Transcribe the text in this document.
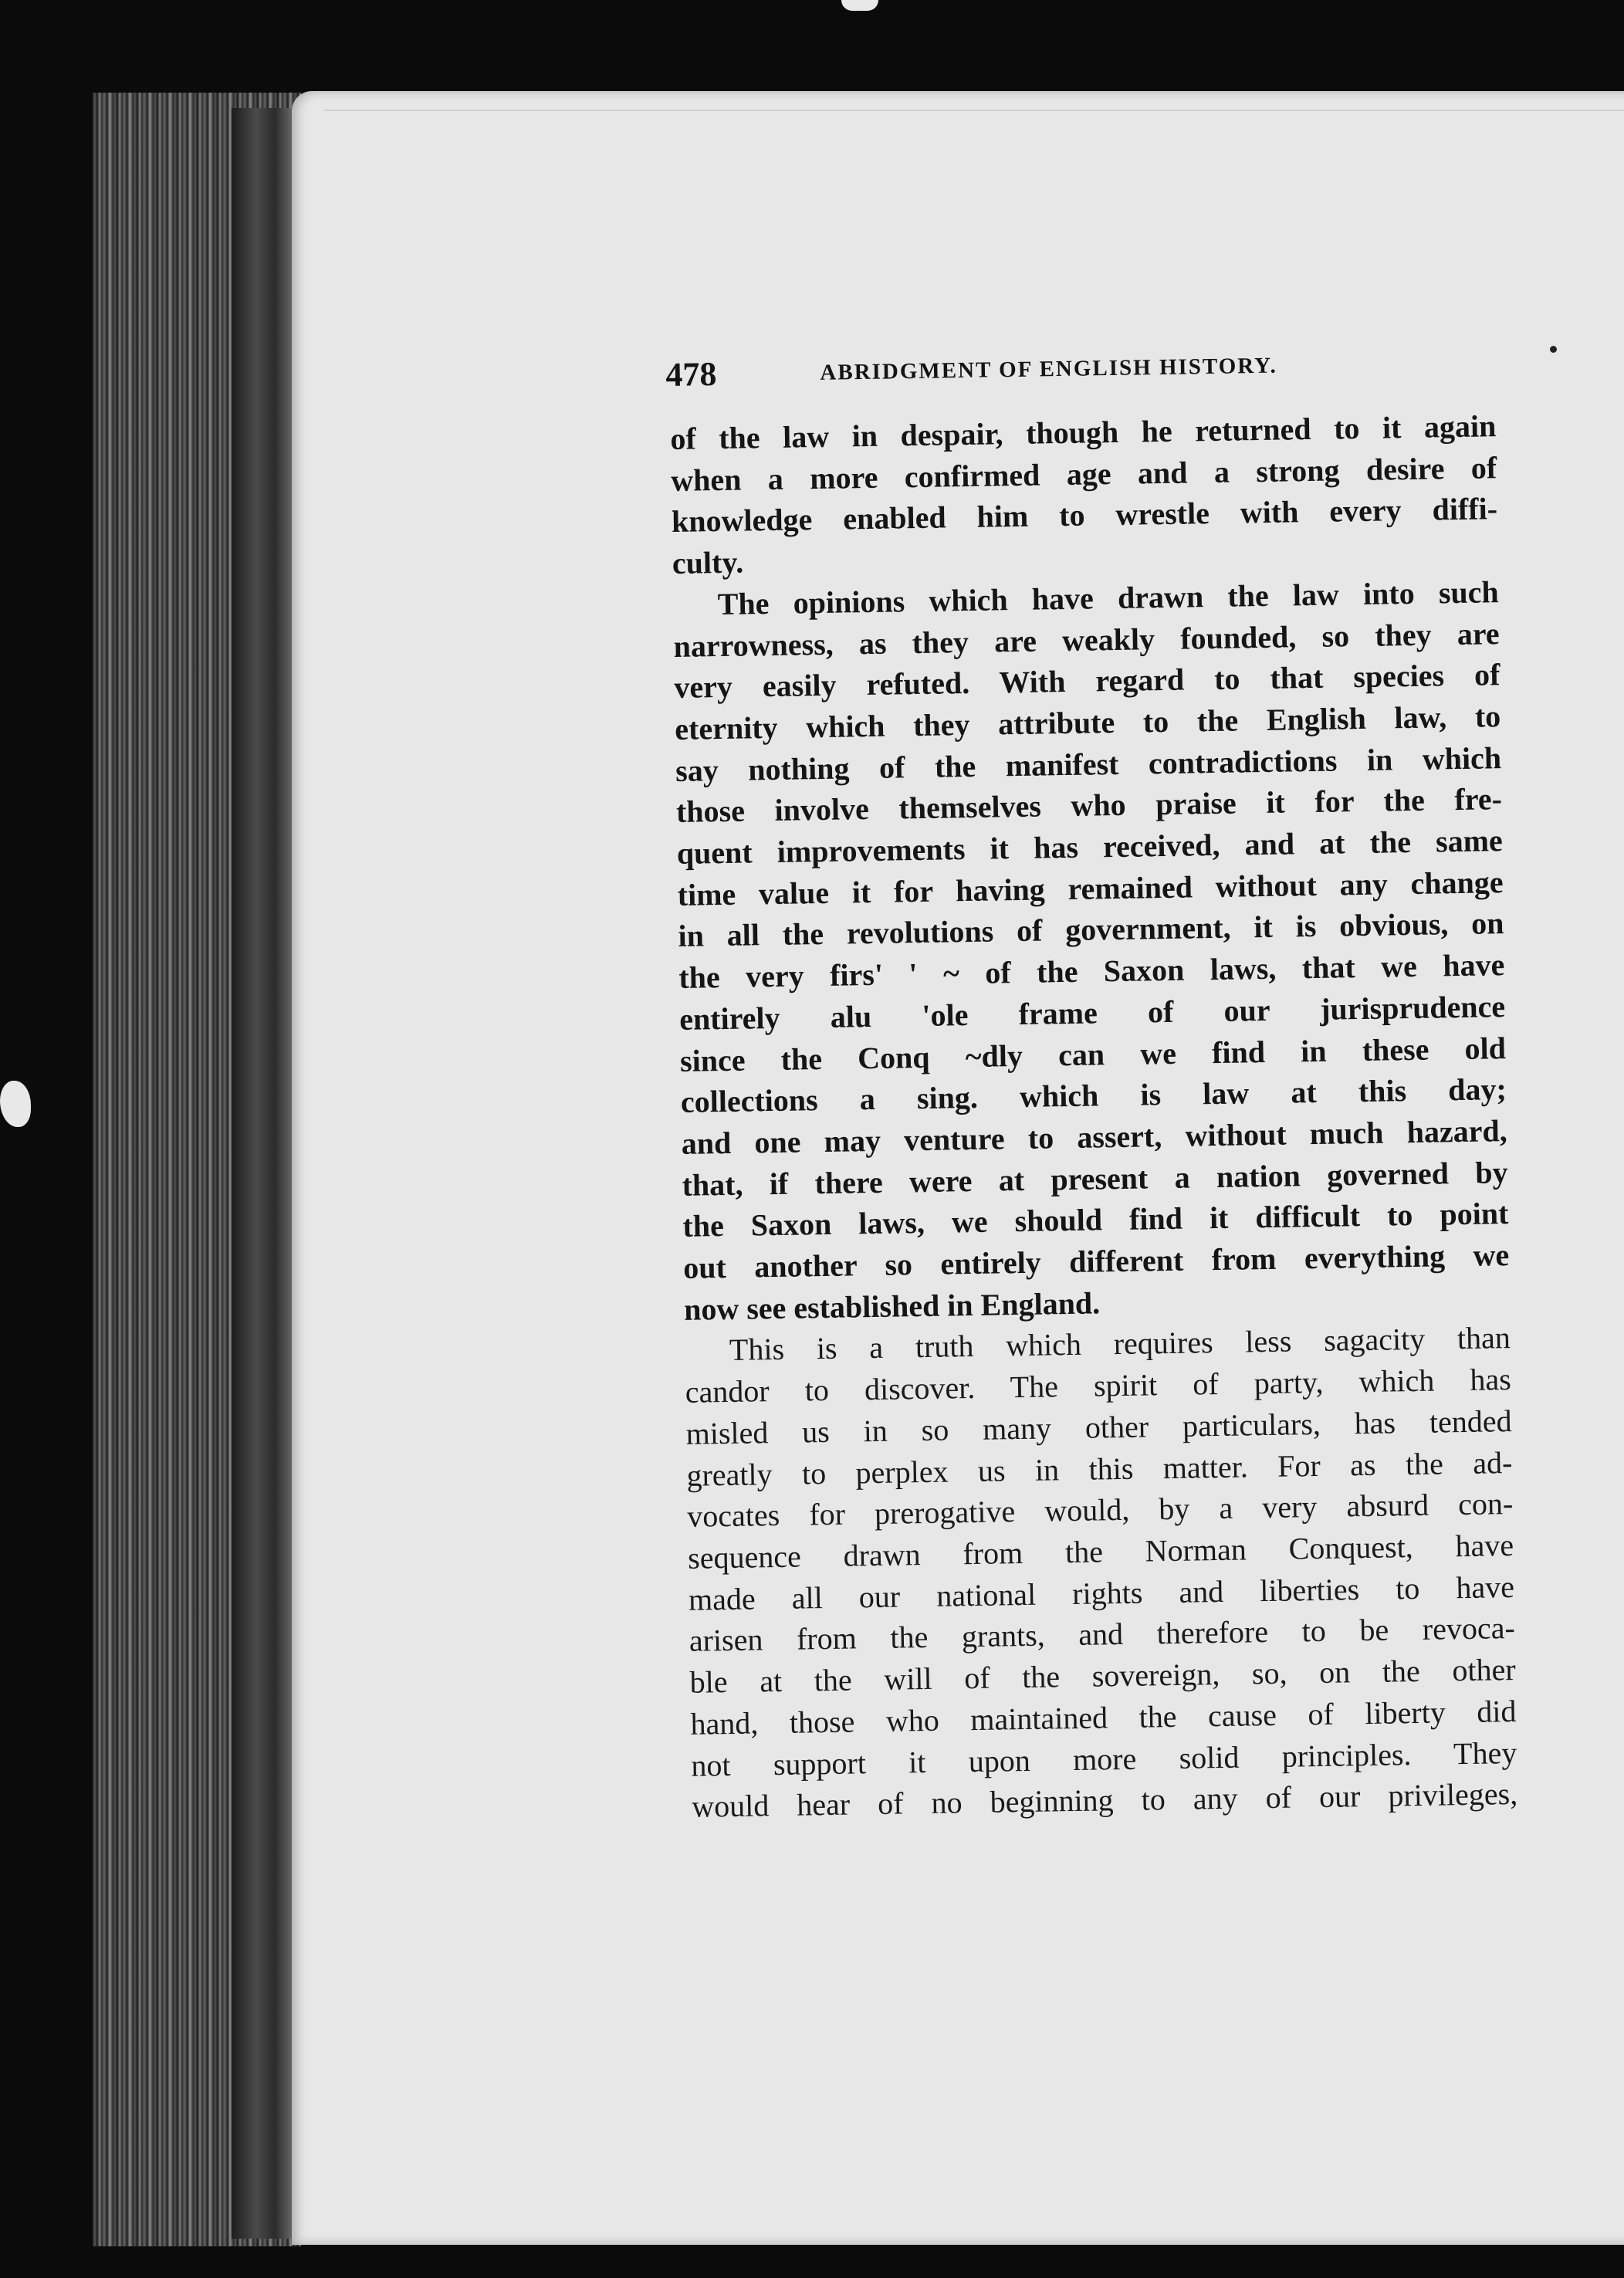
478	ABRIDGMENT OF ENGLISH HISTORY.
of the law in despair, though he returned to it again
when a more confirmed age and a strong desire of
knowledge enabled him to wrestle with every diffi-
culty.
The opinions which have drawn the law into such
narrowness, as they are weakly founded, so they are
very easily refuted. With regard to that species of
eternity which they attribute to the English law, to
say nothing of the manifest contradictions in which
those involve themselves who praise it for the fre-
quent improvements it has received, and at the same
time value it for having remained without any change
in all the revolutions of government, it is obvious, on
the very firs' ' ~ of the Saxon laws, that we have
entirely alu 'ole frame of our jurisprudence
since the Conq ~dly can we find in these old
collections a sing. which is law at this day;
and one may venture to assert, without much hazard,
that, if there were at present a nation governed by
the Saxon laws, we should find it difficult to point
out another so entirely different from everything we
now see established in England.
This is a truth which requires less sagacity than
candor to discover. The spirit of party, which has
misled us in so many other particulars, has tended
greatly to perplex us in this matter. For as the ad-
vocates for prerogative would, by a very absurd con-
sequence drawn from the Norman Conquest, have
made all our national rights and liberties to have
arisen from the grants, and therefore to be revoca-
ble at the will of the sovereign, so, on the other
hand, those who maintained the cause of liberty did
not support it upon more solid principles. They
would hear of no beginning to any of our privileges,
